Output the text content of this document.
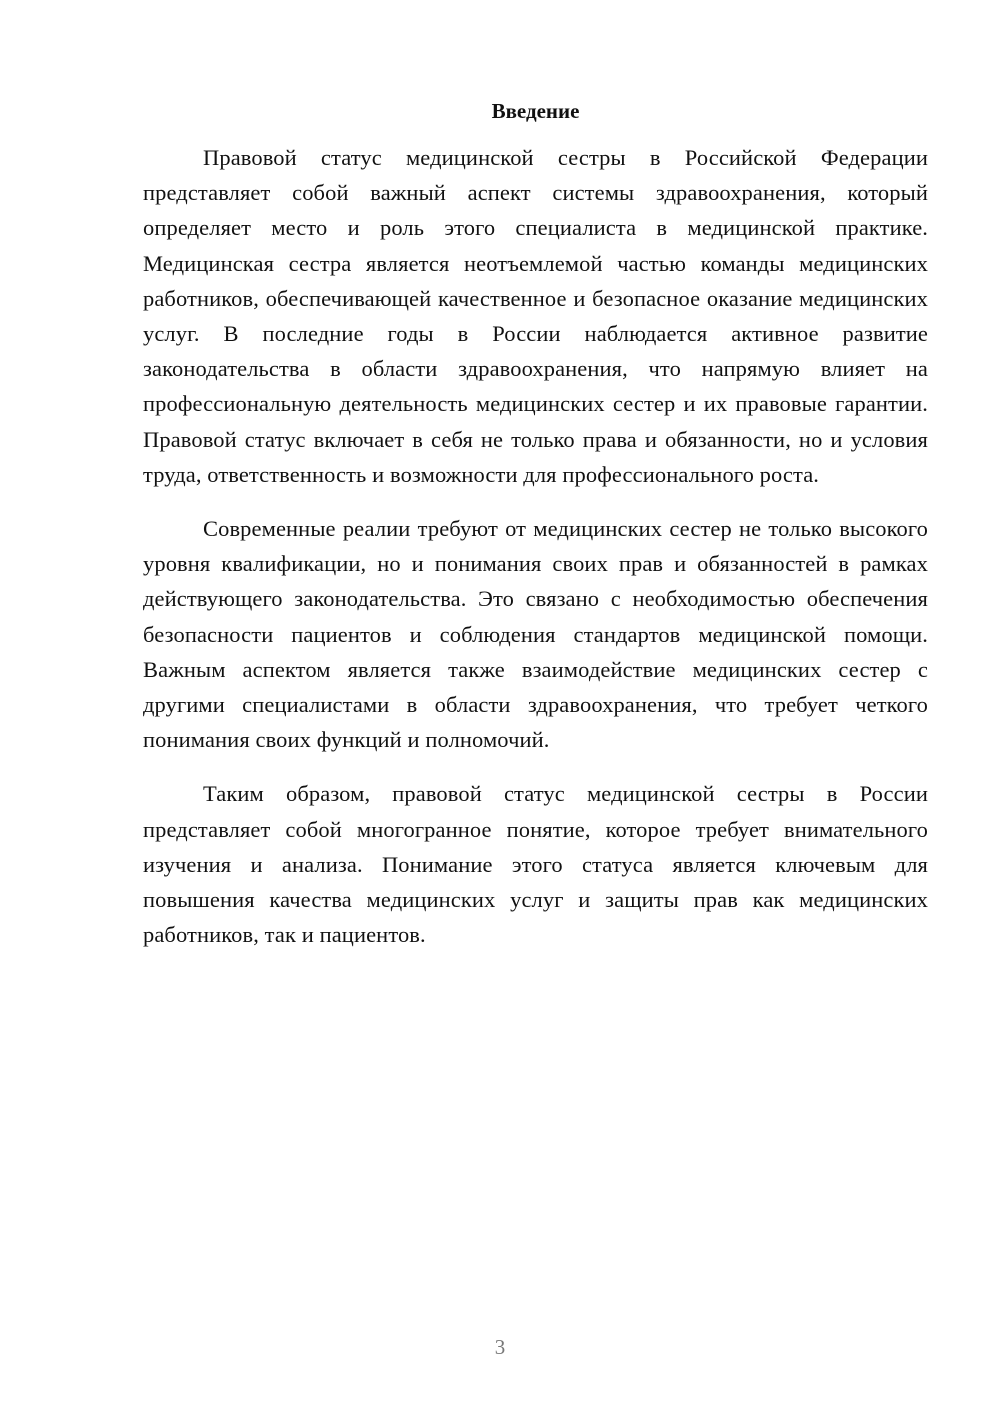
Введение

Правовой статус медицинской сестры в Российской Федерации представляет собой важный аспект системы здравоохранения, который определяет место и роль этого специалиста в медицинской практике. Медицинская сестра является неотъемлемой частью команды медицинских работников, обеспечивающей качественное и безопасное оказание медицинских услуг. В последние годы в России наблюдается активное развитие законодательства в области здравоохранения, что напрямую влияет на профессиональную деятельность медицинских сестер и их правовые гарантии. Правовой статус включает в себя не только права и обязанности, но и условия труда, ответственность и возможности для профессионального роста.

Современные реалии требуют от медицинских сестер не только высокого уровня квалификации, но и понимания своих прав и обязанностей в рамках действующего законодательства. Это связано с необходимостью обеспечения безопасности пациентов и соблюдения стандартов медицинской помощи. Важным аспектом является также взаимодействие медицинских сестер с другими специалистами в области здравоохранения, что требует четкого понимания своих функций и полномочий.

Таким образом, правовой статус медицинской сестры в России представляет собой многогранное понятие, которое требует внимательного изучения и анализа. Понимание этого статуса является ключевым для повышения качества медицинских услуг и защиты прав как медицинских работников, так и пациентов.

3
